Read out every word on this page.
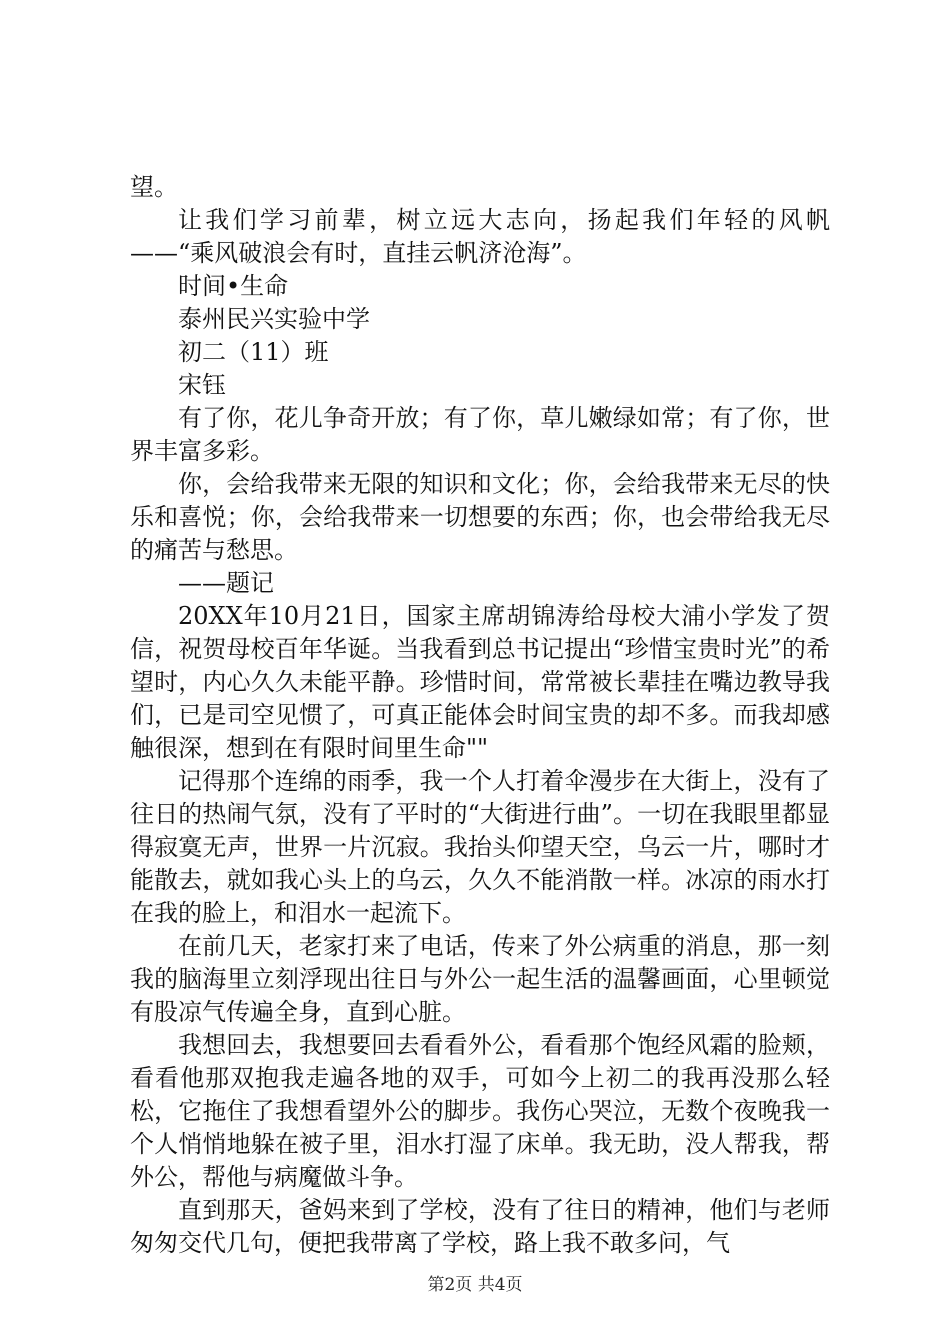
望。

让我们学习前辈，树立远大志向，扬起我们年轻的风帆——“乘风破浪会有时，直挂云帆济沧海”。

时间•生命

泰州民兴实验中学

初二（11）班

宋钰

有了你，花儿争奇开放；有了你，草儿嫩绿如常；有了你，世界丰富多彩。

你，会给我带来无限的知识和文化；你，会给我带来无尽的快乐和喜悦；你，会给我带来一切想要的东西；你，也会带给我无尽的痛苦与愁思。

——题记

20XX年10月21日，国家主席胡锦涛给母校大浦小学发了贺信，祝贺母校百年华诞。当我看到总书记提出“珍惜宝贵时光”的希望时，内心久久未能平静。珍惜时间，常常被长辈挂在嘴边教导我们，已是司空见惯了，可真正能体会时间宝贵的却不多。而我却感触很深，想到在有限时间里生命""

记得那个连绵的雨季，我一个人打着伞漫步在大街上，没有了往日的热闹气氛，没有了平时的“大街进行曲”。一切在我眼里都显得寂寞无声，世界一片沉寂。我抬头仰望天空，乌云一片，哪时才能散去，就如我心头上的乌云，久久不能消散一样。冰凉的雨水打在我的脸上，和泪水一起流下。

在前几天，老家打来了电话，传来了外公病重的消息，那一刻我的脑海里立刻浮现出往日与外公一起生活的温馨画面，心里顿觉有股凉气传遍全身，直到心脏。

我想回去，我想要回去看看外公，看看那个饱经风霜的脸颊，看看他那双抱我走遍各地的双手，可如今上初二的我再没那么轻松，它拖住了我想看望外公的脚步。我伤心哭泣，无数个夜晚我一个人悄悄地躲在被子里，泪水打湿了床单。我无助，没人帮我，帮外公，帮他与病魔做斗争。

直到那天，爸妈来到了学校，没有了往日的精神，他们与老师匆匆交代几句，便把我带离了学校，路上我不敢多问，气

第2页 共4页
